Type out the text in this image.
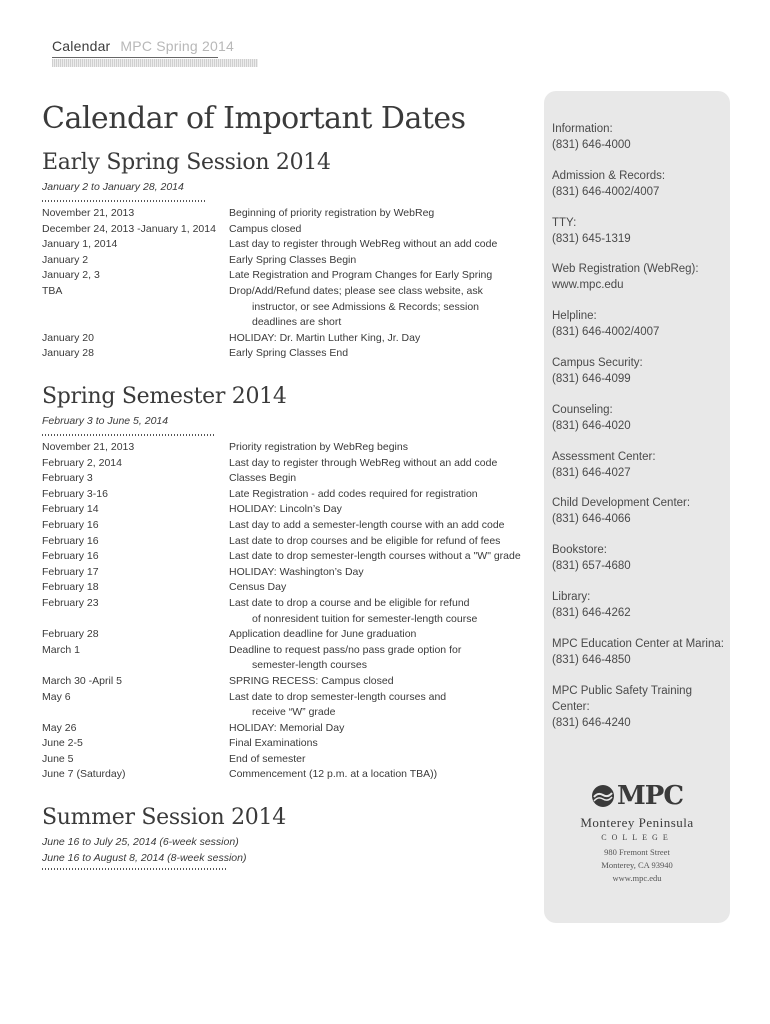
Calendar MPC Spring 2014
Calendar of Important Dates
Early Spring Session 2014
January 2 to January 28, 2014
November 21, 2013	Beginning of priority registration by WebReg
December 24, 2013 -January 1, 2014	Campus closed
January 1, 2014	Last day to register through WebReg without an add code
January 2	Early Spring Classes Begin
January 2, 3	Late Registration and Program Changes for Early Spring
TBA	Drop/Add/Refund dates; please see class website, ask
instructor, or see Admissions & Records; session
deadlines are short
January 20	HOLIDAY: Dr. Martin Luther King, Jr. Day
January 28	Early Spring Classes End
Spring Semester 2014
February 3 to June 5, 2014
November 21, 2013	Priority registration by WebReg begins
February 2, 2014	Last day to register through WebReg without an add code
February 3	Classes Begin
February 3-16	Late Registration - add codes required for registration
February 14	HOLIDAY: Lincoln’s Day
February 16	Last day to add a semester-length course with an add code
February 16	Last date to drop courses and be eligible for refund of fees
February 16	Last date to drop semester-length courses without a "W" grade
February 17	HOLIDAY: Washington’s Day
February 18	Census Day
February 23	Last date to drop a course and be eligible for refund
of nonresident tuition for semester-length course
February 28	Application deadline for June graduation
March 1	Deadline to request pass/no pass grade option for
semester-length courses
March 30 -April 5	SPRING RECESS: Campus closed
May 6	Last date to drop semester-length courses and
receive “W” grade
May 26	HOLIDAY: Memorial Day
June 2-5	Final Examinations
June 5	End of semester
June 7 (Saturday)	Commencement (12 p.m. at a location TBA))
Summer Session 2014
June 16 to July 25, 2014 (6-week session)
June 16 to August 8, 2014 (8-week session)
Information:
(831) 646-4000
Admission & Records:
(831) 646-4002/4007
TTY:
(831) 645-1319
Web Registration (WebReg):
www.mpc.edu
Helpline:
(831) 646-4002/4007
Campus Security:
(831) 646-4099
Counseling:
(831) 646-4020
Assessment Center:
(831) 646-4027
Child Development Center:
(831) 646-4066
Bookstore:
(831) 657-4680
Library:
(831) 646-4262
MPC Education Center at Marina:
(831) 646-4850
MPC Public Safety Training Center:
(831) 646-4240
MPC
Monterey Peninsula
COLLEGE
980 Fremont Street
Monterey, CA 93940
www.mpc.edu
